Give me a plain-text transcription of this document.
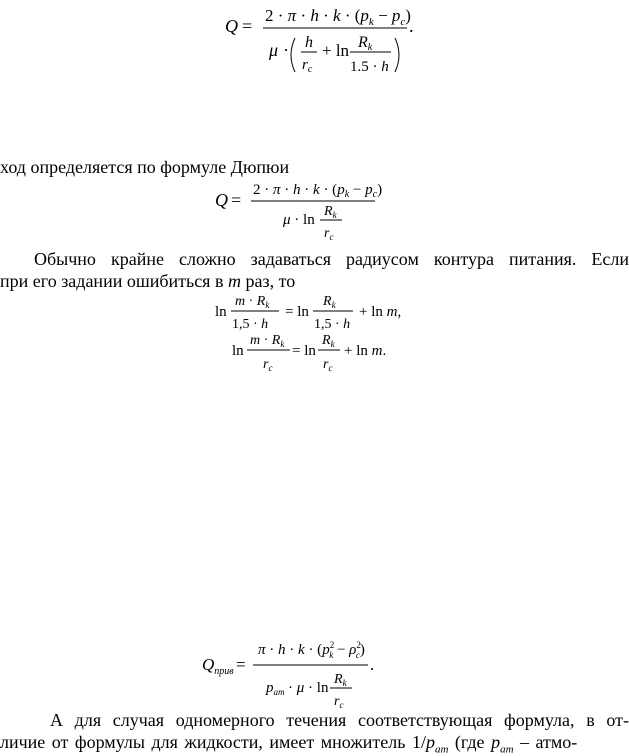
Q =
$2 \cdot \pi \cdot h \cdot k \cdot (p_k - p_c)$
μ · h
$r_c$
+ ln Rk
1.5 · h
.
ход определяется по формуле Дюпюи
$Q = 2 \cdot \pi \cdot h \cdot k \cdot (p_k - p_c)$
μ · ln
$R_k$
$r_c$
Обычно крайне сложно задаваться радиусом контура питания. Если
при его задании ошибиться в m раз, то
ln
$m \cdot R_k$
1,5 · h
= ln
$R_k$
1,5 · h
+ ln m,
ln
$m \cdot R_k$
$r_c$
= ln
$R_k$
$r_c$
+ ln m.
$Q_{прив}$ =
$\pi \cdot h \cdot k \cdot (p^2$ $k - \rho^2$ c)
$p_{ат} \cdot \mu \cdot \ln$
$R_k$
$r_c$
.
А для случая одномерного течения соответствующая формула, в от-
личие от формулы для жидкости, имеет множитель $1/p_{ат}$ (где $p_{ат}$ – атмо-
